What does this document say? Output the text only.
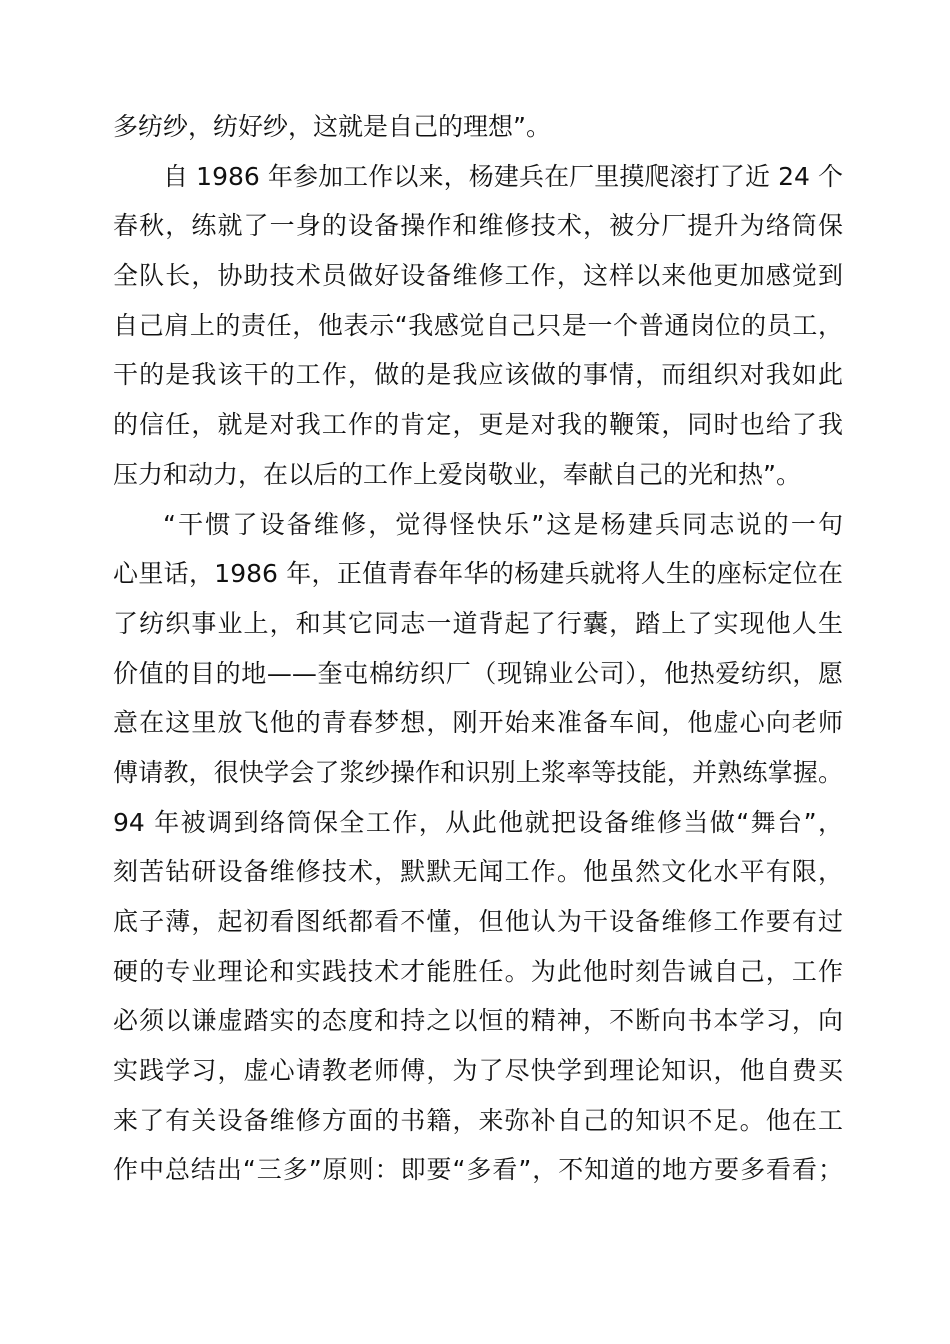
多纺纱，纺好纱，这就是自己的理想”。
自 1986 年参加工作以来，杨建兵在厂里摸爬滚打了近 24 个
春秋，练就了一身的设备操作和维修技术，被分厂提升为络筒保
全队长，协助技术员做好设备维修工作，这样以来他更加感觉到
自己肩上的责任，他表示“我感觉自己只是一个普通岗位的员工，
干的是我该干的工作，做的是我应该做的事情，而组织对我如此
的信任，就是对我工作的肯定，更是对我的鞭策，同时也给了我
压力和动力，在以后的工作上爱岗敬业，奉献自己的光和热”。
“干惯了设备维修，觉得怪快乐”这是杨建兵同志说的一句
心里话，1986 年，正值青春年华的杨建兵就将人生的座标定位在
了纺织事业上，和其它同志一道背起了行囊，踏上了实现他人生
价值的目的地——奎屯棉纺织厂（现锦业公司），他热爱纺织，愿
意在这里放飞他的青春梦想，刚开始来准备车间，他虚心向老师
傅请教，很快学会了浆纱操作和识别上浆率等技能，并熟练掌握。
94 年被调到络筒保全工作，从此他就把设备维修当做“舞台”，
刻苦钻研设备维修技术，默默无闻工作。他虽然文化水平有限，
底子薄，起初看图纸都看不懂，但他认为干设备维修工作要有过
硬的专业理论和实践技术才能胜任。为此他时刻告诫自己，工作
必须以谦虚踏实的态度和持之以恒的精神，不断向书本学习，向
实践学习，虚心请教老师傅，为了尽快学到理论知识，他自费买
来了有关设备维修方面的书籍，来弥补自己的知识不足。他在工
作中总结出“三多”原则：即要“多看”，不知道的地方要多看看；
